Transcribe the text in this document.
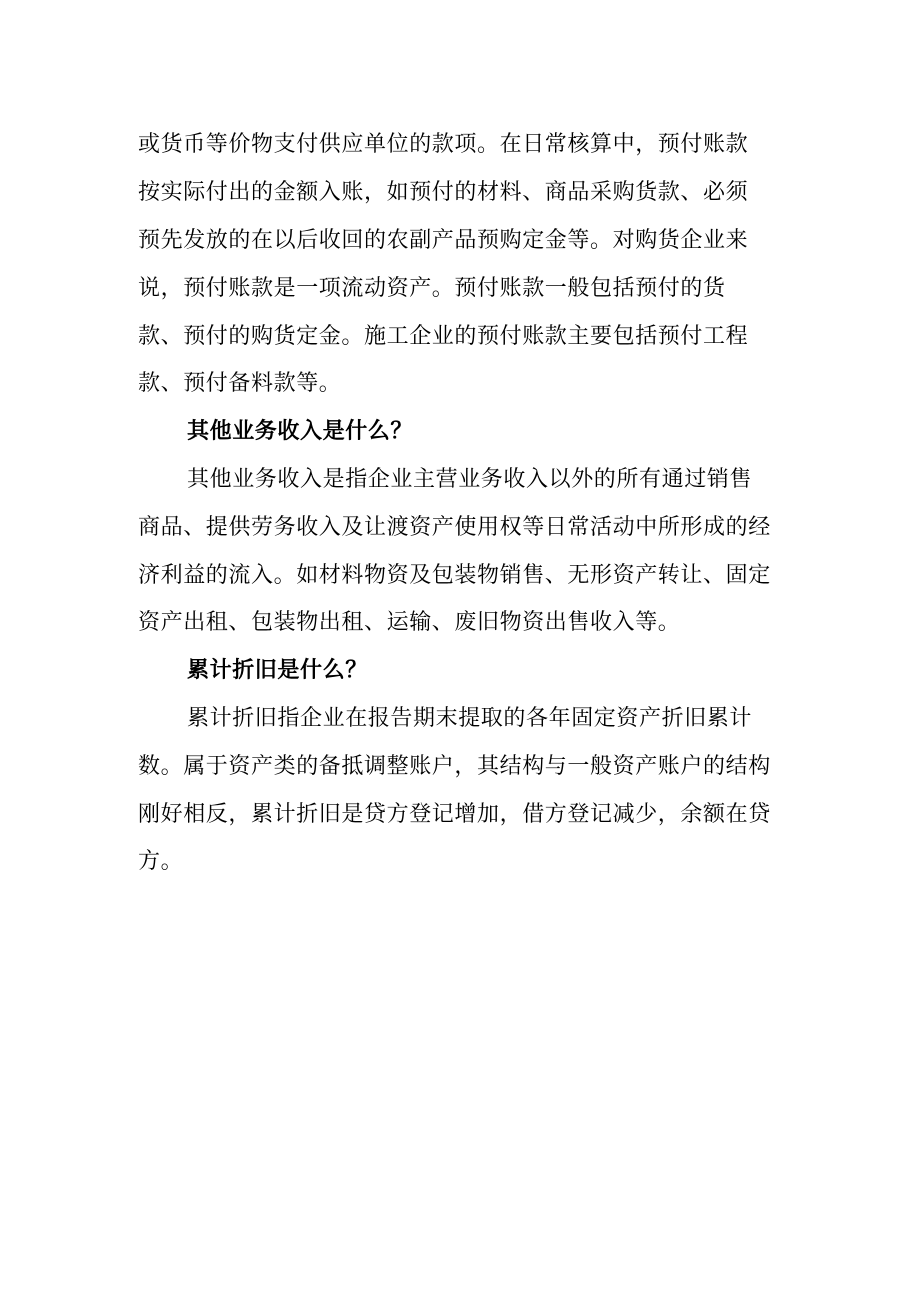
或货币等价物支付供应单位的款项。在日常核算中，预付账款
按实际付出的金额入账，如预付的材料、商品采购货款、必须
预先发放的在以后收回的农副产品预购定金等。对购货企业来
说，预付账款是一项流动资产。预付账款一般包括预付的货
款、预付的购货定金。施工企业的预付账款主要包括预付工程
款、预付备料款等。
其他业务收入是什么？
其他业务收入是指企业主营业务收入以外的所有通过销售
商品、提供劳务收入及让渡资产使用权等日常活动中所形成的经
济利益的流入。如材料物资及包装物销售、无形资产转让、固定
资产出租、包装物出租、运输、废旧物资出售收入等。
累计折旧是什么？
累计折旧指企业在报告期末提取的各年固定资产折旧累计
数。属于资产类的备抵调整账户，其结构与一般资产账户的结构
刚好相反，累计折旧是贷方登记增加，借方登记减少，余额在贷
方。
